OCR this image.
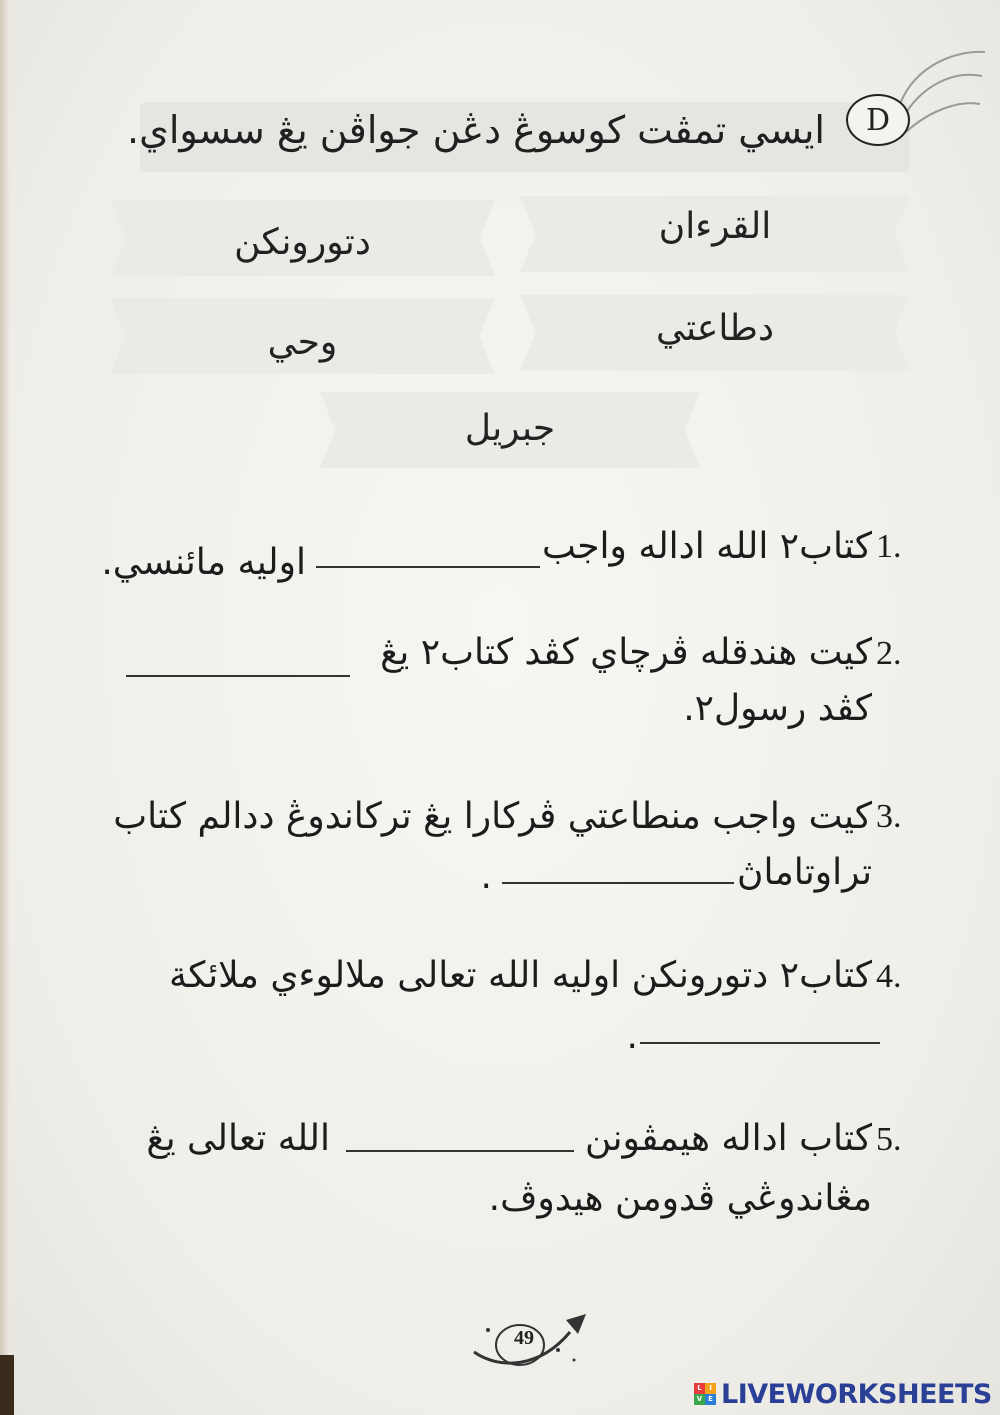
D
ايسي تمڤت كوسوڠ دڠن جواڤن يڠ سسواي.
القرءان
دتورونكن
دطاعتي
وحي
جبريل
1.
كتاب٢ الله اداله واجب
اوليه مائنسي.
2.
كيت هندقله ڤرچاي كڤد كتاب٢ يڠ
كڤد رسول٢.
3.
كيت واجب منطاعتي ڤركارا يڠ تركاندوڠ ددالم كتاب
تراوتاماڽ
.
4.
كتاب٢ دتورونكن اوليه الله تعالى ملالوءي ملائكة
.
5.
كتاب اداله هيمڤونن
الله تعالى يڠ
مڠاندوڠي ڤدومن هيدوڤ.
49
L	I
V E LIVEWORKSHEETS
